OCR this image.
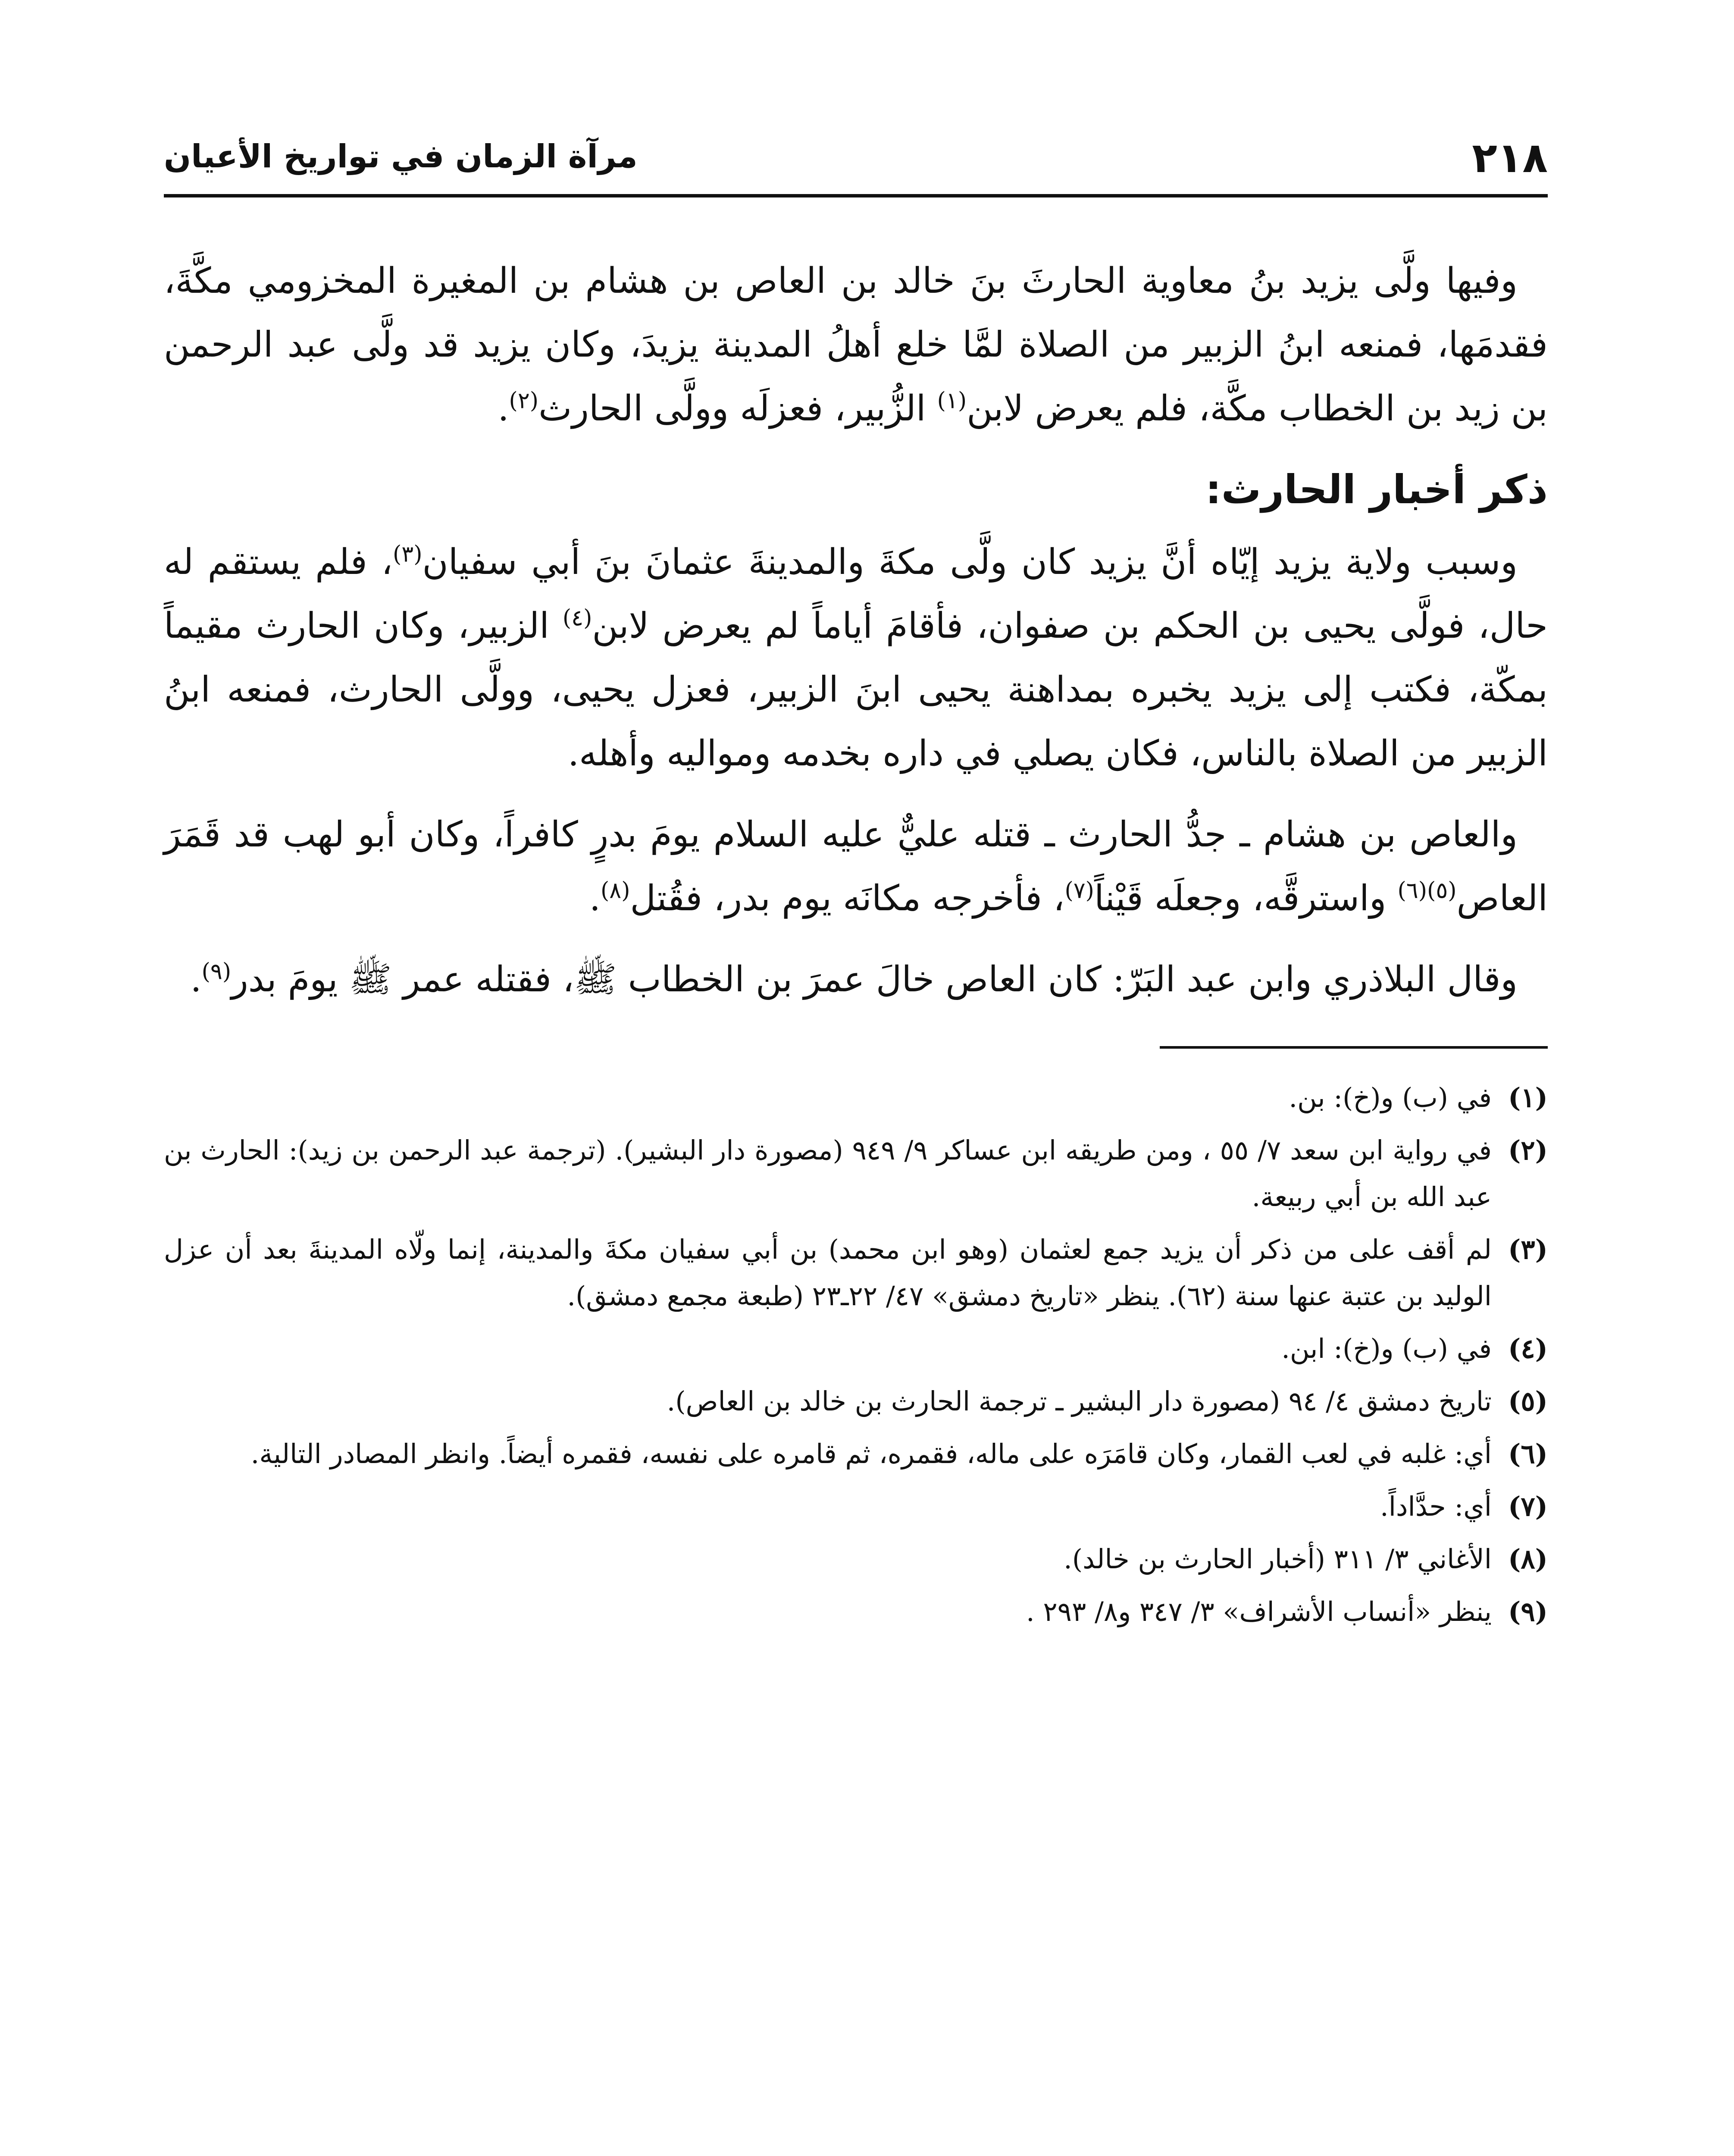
٢١٨
مرآة الزمان في تواريخ الأعيان

وفيها ولَّى يزيد بنُ معاوية الحارثَ بنَ خالد بن العاص بن هشام بن المغيرة المخزومي مكَّةَ، فقدمَها، فمنعه ابنُ الزبير من الصلاة لمَّا خلع أهلُ المدينة يزيدَ، وكان يزيد قد ولَّى عبد الرحمن بن زيد بن الخطاب مكَّة، فلم يعرض لابن$^{(١)}$ الزُّبير، فعزلَه وولَّى الحارث$^{(٢)}$.

ذكر أخبار الحارث:

وسبب ولاية يزيد إيّاه أنَّ يزيد كان ولَّى مكةَ والمدينةَ عثمانَ بنَ أبي سفيان$^{(٣)}$، فلم يستقم له حال، فولَّى يحيى بن الحكم بن صفوان، فأقامَ أياماً لم يعرض لابن$^{(٤)}$ الزبير، وكان الحارث مقيماً بمكّة، فكتب إلى يزيد يخبره بمداهنة يحيى ابنَ الزبير، فعزل يحيى، وولَّى الحارث، فمنعه ابنُ الزبير من الصلاة بالناس، فكان يصلي في داره بخدمه ومواليه وأهله.

والعاص بن هشام ـ جدُّ الحارث ـ قتله عليٌّ عليه السلام يومَ بدرٍ كافراً، وكان أبو لهب قد قَمَرَ العاص$^{(٥)(٦)}$ واسترقَّه، وجعلَه قَيْناً$^{(٧)}$، فأخرجه مكانَه يوم بدر، فقُتل$^{(٨)}$.

وقال البلاذري وابن عبد البَرّ: كان العاص خالَ عمرَ بن الخطاب ﷺ، فقتله عمر ﷺ يومَ بدر$^{(٩)}$.

(١)
في (ب) و(خ): بن.
(٢)
في رواية ابن سعد ٧/ ٥٥ ، ومن طريقه ابن عساكر ٩/ ٩٤٩ (مصورة دار البشير). (ترجمة عبد الرحمن بن زيد): الحارث بن عبد الله بن أبي ربيعة.
(٣)
لم أقف على من ذكر أن يزيد جمع لعثمان (وهو ابن محمد) بن أبي سفيان مكةَ والمدينة، إنما ولّاه المدينةَ بعد أن عزل الوليد بن عتبة عنها سنة (٦٢). ينظر «تاريخ دمشق» ٤٧/ ٢٢ـ٢٣ (طبعة مجمع دمشق).
(٤)
في (ب) و(خ): ابن.
(٥)
تاريخ دمشق ٤/ ٩٤ (مصورة دار البشير ـ ترجمة الحارث بن خالد بن العاص).
(٦)
أي: غلبه في لعب القمار، وكان قامَرَه على ماله، فقمره، ثم قامره على نفسه، فقمره أيضاً. وانظر المصادر التالية.
(٧)
أي: حدَّاداً.
(٨)
الأغاني ٣/ ٣١١ (أخبار الحارث بن خالد).
(٩)
ينظر «أنساب الأشراف» ٣/ ٣٤٧ و٨/ ٢٩٣ .
